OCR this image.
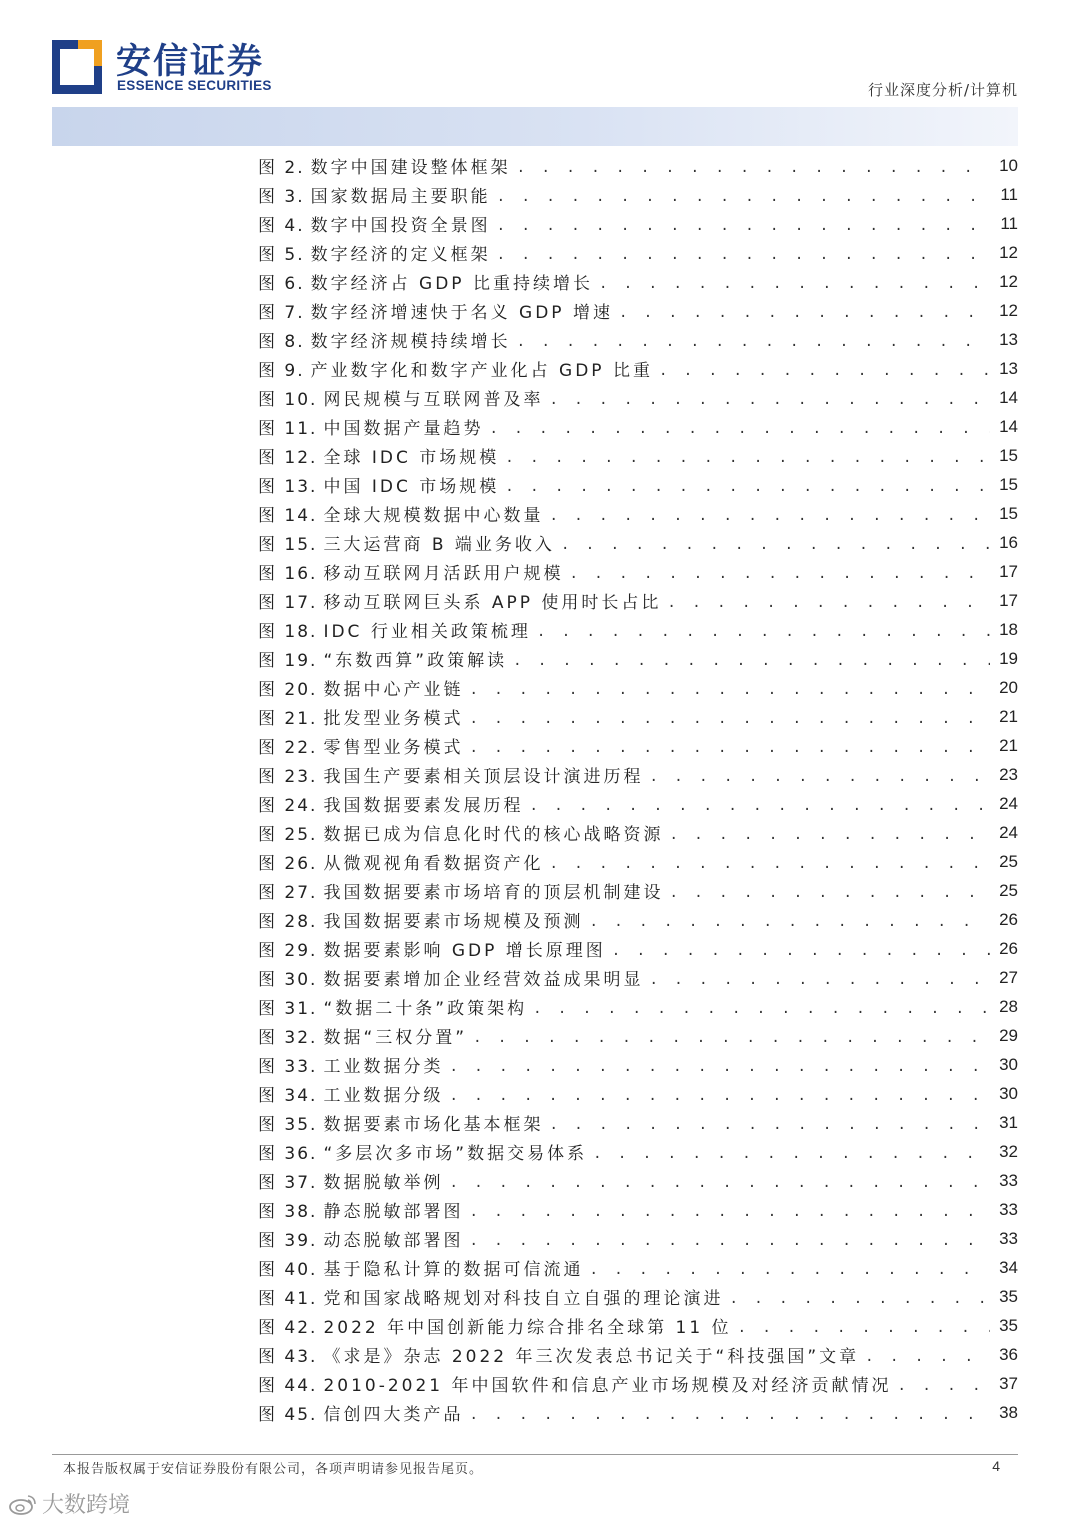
安信证券
ESSENCE SECURITIES	行业深度分析/计算机
图 2. 数字中国建设整体框架 . . .	10
图 3. 国家数据局主要职能 . . .	11
图 4. 数字中国投资全景图 . . .	11
图 5. 数字经济的定义框架 . . .	12
图 6. 数字经济占 GDP 比重持续增长 . . .	12
图 7. 数字经济增速快于名义 GDP 增速 . . .	12
图 8. 数字经济规模持续增长 . . .	13
图 9. 产业数字化和数字产业化占 GDP 比重 . . .	13
图 10. 网民规模与互联网普及率 . . .	14
图 11. 中国数据产量趋势 . . .	14
图 12. 全球 IDC 市场规模 . . .	15
图 13. 中国 IDC 市场规模 . . .	15
图 14. 全球大规模数据中心数量 . . .	15
图 15. 三大运营商 B 端业务收入 . . .	16
图 16. 移动互联网月活跃用户规模 . . .	17
图 17. 移动互联网巨头系 APP 使用时长占比 . . .	17
图 18. IDC 行业相关政策梳理 . . .	18
图 19. “东数西算”政策解读 . . .	19
图 20. 数据中心产业链 . . .	20
图 21. 批发型业务模式 . . .	21
图 22. 零售型业务模式 . . .	21
图 23. 我国生产要素相关顶层设计演进历程 . . .	23
图 24. 我国数据要素发展历程 . . .	24
图 25. 数据已成为信息化时代的核心战略资源 . . .	24
图 26. 从微观视角看数据资产化 . . .	25
图 27. 我国数据要素市场培育的顶层机制建设 . . .	25
图 28. 我国数据要素市场规模及预测 . . .	26
图 29. 数据要素影响 GDP 增长原理图 . . .	26
图 30. 数据要素增加企业经营效益成果明显 . . .	27
图 31. “数据二十条”政策架构 . . .	28
图 32. 数据“三权分置” . . .	29
图 33. 工业数据分类 . . .	30
图 34. 工业数据分级 . . .	30
图 35. 数据要素市场化基本框架 . . .	31
图 36. “多层次多市场”数据交易体系 . . .	32
图 37. 数据脱敏举例 . . .	33
图 38. 静态脱敏部署图 . . .	33
图 39. 动态脱敏部署图 . . .	33
图 40. 基于隐私计算的数据可信流通 . . .	34
图 41. 党和国家战略规划对科技自立自强的理论演进 . . .	35
图 42. 2022 年中国创新能力综合排名全球第 11 位 . . .	35
图 43. 《求是》杂志 2022 年三次发表总书记关于“科技强国”文章 . . .	36
图 44. 2010-2021 年中国软件和信息产业市场规模及对经济贡献情况 . . .	37
图 45. 信创四大类产品 . . .	38
本报告版权属于安信证券股份有限公司，各项声明请参见报告尾页。	4
大数跨境
